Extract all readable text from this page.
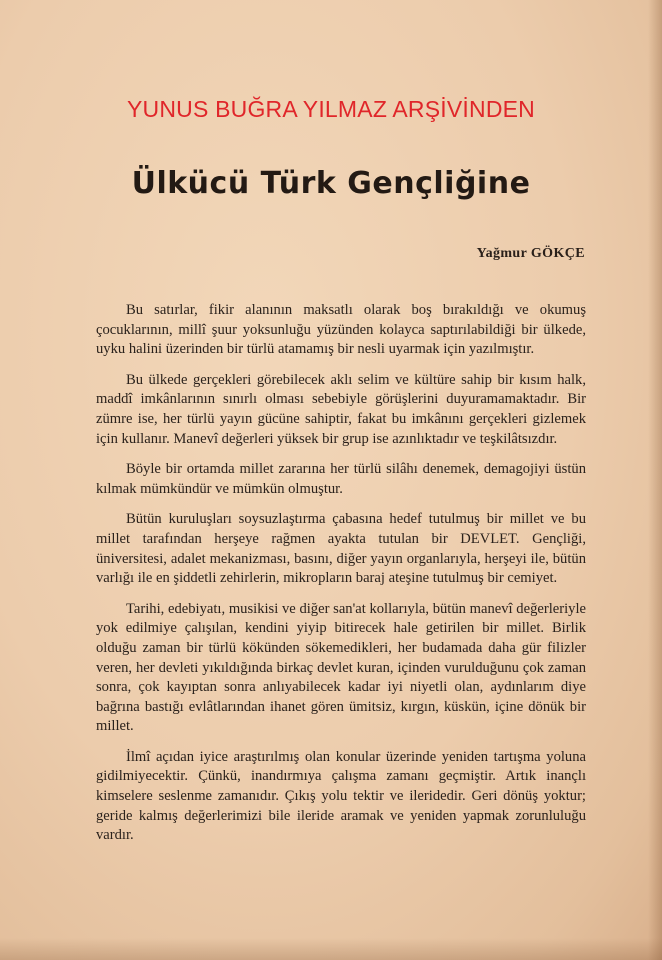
YUNUS BUĞRA YILMAZ ARŞİVİNDEN
Ülkücü Türk Gençliğine
Yağmur GÖKÇE

Bu satırlar, fikir alanının maksatlı olarak boş bırakıldığı ve okumuş çocuklarının, millî şuur yoksunluğu yüzünden kolayca saptırılabildiği bir ülkede, uyku halini üzerinden bir türlü atamamış bir nesli uyarmak için yazılmıştır.

Bu ülkede gerçekleri görebilecek aklı selim ve kültüre sahip bir kısım halk, maddî imkânlarının sınırlı olması sebebiyle görüşlerini duyuramamaktadır. Bir zümre ise, her türlü yayın gücüne sahiptir, fakat bu imkânını gerçekleri gizlemek için kullanır. Manevî değerleri yüksek bir grup ise azınlıktadır ve teşkilâtsızdır.

Böyle bir ortamda millet zararına her türlü silâhı denemek, demagojiyi üstün kılmak mümkündür ve mümkün olmuştur.

Bütün kuruluşları soysuzlaştırma çabasına hedef tutulmuş bir millet ve bu millet tarafından herşeye rağmen ayakta tutulan bir DEVLET. Gençliği, üniversitesi, adalet mekanizması, basını, diğer yayın organlarıyla, herşeyi ile, bütün varlığı ile en şiddetli zehirlerin, mikropların baraj ateşine tutulmuş bir cemiyet.

Tarihi, edebiyatı, musikisi ve diğer san'at kollarıyla, bütün manevî değerleriyle yok edilmiye çalışılan, kendini yiyip bitirecek hale getirilen bir millet. Birlik olduğu zaman bir türlü kökünden sökemedikleri, her budamada daha gür filizler veren, her devleti yıkıldığında birkaç devlet kuran, içinden vurulduğunu çok zaman sonra, çok kayıptan sonra anlıyabilecek kadar iyi niyetli olan, aydınlarım diye bağrına bastığı evlâtlarından ihanet gören ümitsiz, kırgın, küskün, içine dönük bir millet.

İlmî açıdan iyice araştırılmış olan konular üzerinde yeniden tartışma yoluna gidilmiyecektir. Çünkü, inandırmıya çalışma zamanı geçmiştir. Artık inançlı kimselere seslenme zamanıdır. Çıkış yolu tektir ve ileridedir. Geri dönüş yoktur; geride kalmış değerlerimizi bile ileride aramak ve yeniden yapmak zorunluluğu vardır.
